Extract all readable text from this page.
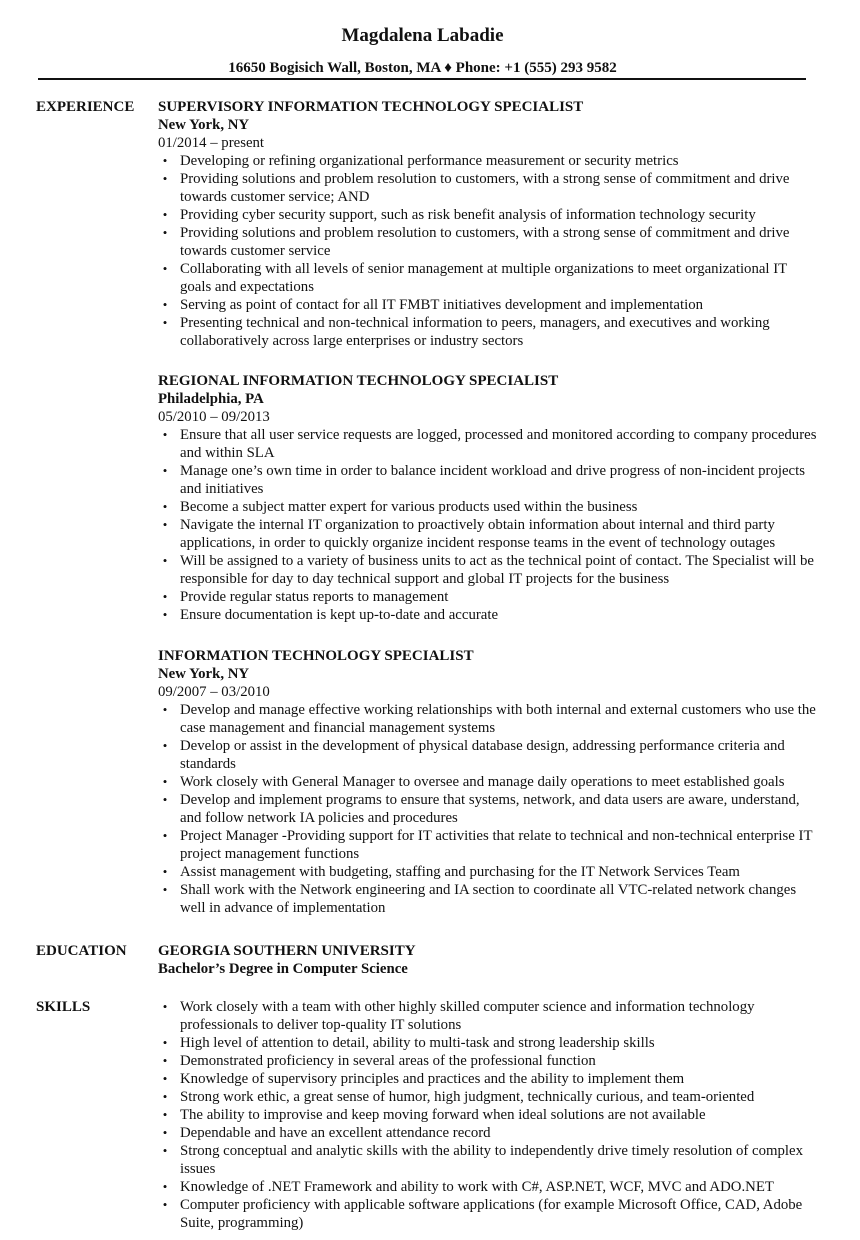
Magdalena Labadie
16650 Bogisich Wall, Boston, MA ♦ Phone: +1 (555) 293 9582
EXPERIENCE SUPERVISORY INFORMATION TECHNOLOGY SPECIALIST
New York, NY
01/2014 – present
• Developing or refining organizational performance measurement or security metrics
• Providing solutions and problem resolution to customers, with a strong sense of commitment and drive towards customer service; AND
• Providing cyber security support, such as risk benefit analysis of information technology security
• Providing solutions and problem resolution to customers, with a strong sense of commitment and drive towards customer service
• Collaborating with all levels of senior management at multiple organizations to meet organizational IT goals and expectations
• Serving as point of contact for all IT FMBT initiatives development and implementation
• Presenting technical and non-technical information to peers, managers, and executives and working collaboratively across large enterprises or industry sectors
REGIONAL INFORMATION TECHNOLOGY SPECIALIST
Philadelphia, PA
05/2010 – 09/2013
• Ensure that all user service requests are logged, processed and monitored according to company procedures and within SLA
• Manage one’s own time in order to balance incident workload and drive progress of non-incident projects and initiatives
• Become a subject matter expert for various products used within the business
• Navigate the internal IT organization to proactively obtain information about internal and third party applications, in order to quickly organize incident response teams in the event of technology outages
• Will be assigned to a variety of business units to act as the technical point of contact. The Specialist will be responsible for day to day technical support and global IT projects for the business
• Provide regular status reports to management
• Ensure documentation is kept up-to-date and accurate
INFORMATION TECHNOLOGY SPECIALIST
New York, NY
09/2007 – 03/2010
• Develop and manage effective working relationships with both internal and external customers who use the case management and financial management systems
• Develop or assist in the development of physical database design, addressing performance criteria and standards
• Work closely with General Manager to oversee and manage daily operations to meet established goals
• Develop and implement programs to ensure that systems, network, and data users are aware, understand, and follow network IA policies and procedures
• Project Manager -Providing support for IT activities that relate to technical and non-technical enterprise IT project management functions
• Assist management with budgeting, staffing and purchasing for the IT Network Services Team
• Shall work with the Network engineering and IA section to coordinate all VTC-related network changes well in advance of implementation
EDUCATION GEORGIA SOUTHERN UNIVERSITY
Bachelor’s Degree in Computer Science
SKILLS	• Work closely with a team with other highly skilled computer science and information technology professionals to deliver top-quality IT solutions
• High level of attention to detail, ability to multi-task and strong leadership skills
• Demonstrated proficiency in several areas of the professional function
• Knowledge of supervisory principles and practices and the ability to implement them
• Strong work ethic, a great sense of humor, high judgment, technically curious, and team-oriented
• The ability to improvise and keep moving forward when ideal solutions are not available
• Dependable and have an excellent attendance record
• Strong conceptual and analytic skills with the ability to independently drive timely resolution of complex issues
• Knowledge of .NET Framework and ability to work with C#, ASP.NET, WCF, MVC and ADO.NET
• Computer proficiency with applicable software applications (for example Microsoft Office, CAD, Adobe Suite, programming)
